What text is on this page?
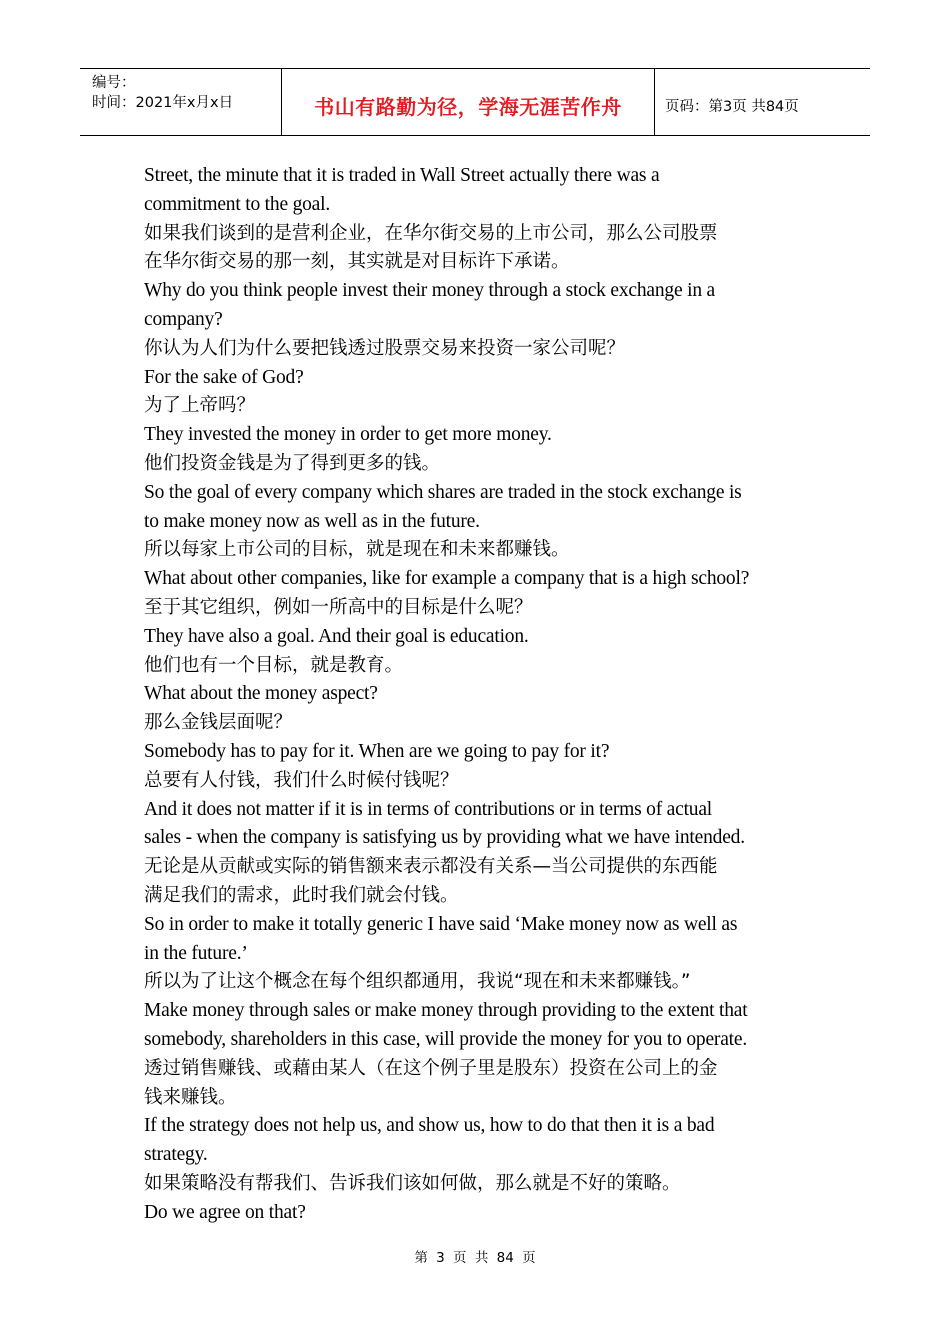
编号：
时间：2021年x月x日	书山有路勤为径，学海无涯苦作舟	页码：第3页 共84页

Street, the minute that it is traded in Wall Street actually there was a

commitment to the goal.

如果我们谈到的是营利企业，在华尔街交易的上市公司，那么公司股票

在华尔街交易的那一刻，其实就是对目标许下承诺。

Why do you think people invest their money through a stock exchange in a

company?

你认为人们为什么要把钱透过股票交易来投资一家公司呢？

For the sake of God?

为了上帝吗？

They invested the money in order to get more money.

他们投资金钱是为了得到更多的钱。

So the goal of every company which shares are traded in the stock exchange is

to make money now as well as in the future.

所以每家上市公司的目标，就是现在和未来都赚钱。

What about other companies, like for example a company that is a high school?

至于其它组织，例如一所高中的目标是什么呢？

They have also a goal. And their goal is education.

他们也有一个目标，就是教育。

What about the money aspect?

那么金钱层面呢？

Somebody has to pay for it. When are we going to pay for it?

总要有人付钱，我们什么时候付钱呢？

And it does not matter if it is in terms of contributions or in terms of actual

sales - when the company is satisfying us by providing what we have intended.

无论是从贡献或实际的销售额来表示都没有关系—当公司提供的东西能

满足我们的需求，此时我们就会付钱。

So in order to make it totally generic I have said ‘Make money now as well as

in the future.’

所以为了让这个概念在每个组织都通用，我说“现在和未来都赚钱。”

Make money through sales or make money through providing to the extent that

somebody, shareholders in this case, will provide the money for you to operate.

透过销售赚钱、或藉由某人（在这个例子里是股东）投资在公司上的金

钱来赚钱。

If the strategy does not help us, and show us, how to do that then it is a bad

strategy.

如果策略没有帮我们、告诉我们该如何做，那么就是不好的策略。

Do we agree on that?

第 3 页 共 84 页
